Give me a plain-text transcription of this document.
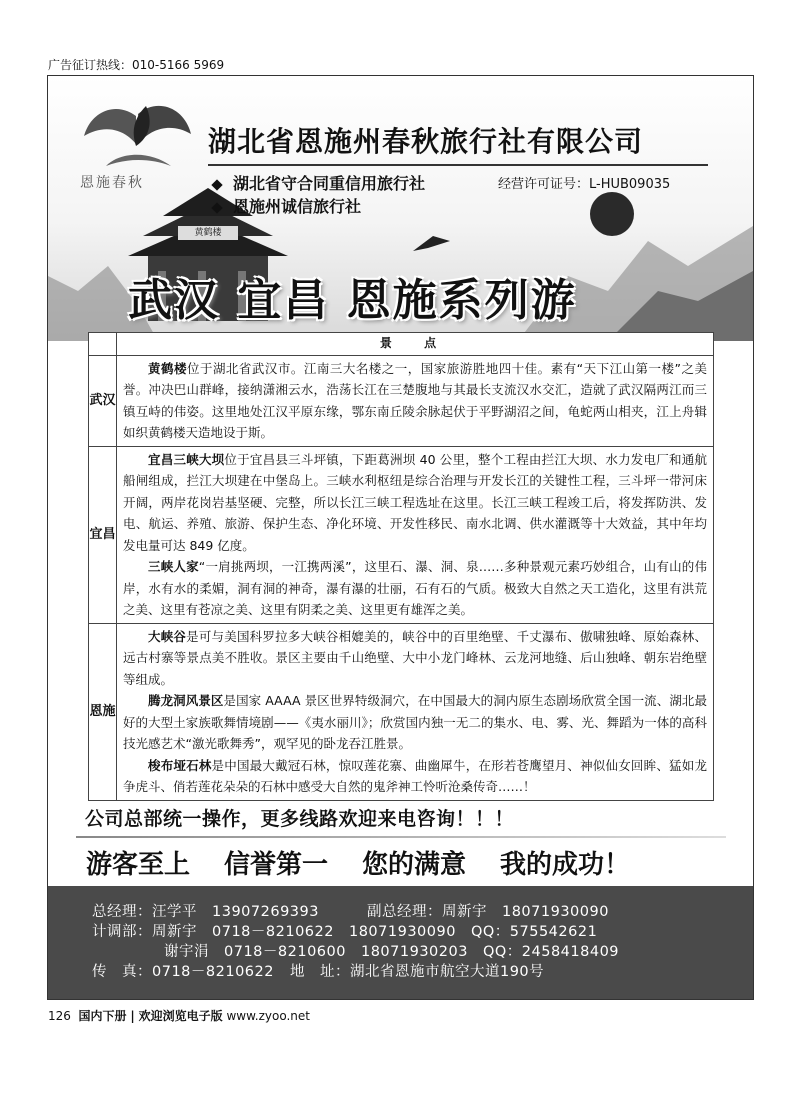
广告征订热线：010-5166 5969
黄鹤楼
恩施春秋
湖北省恩施州春秋旅行社有限公司
湖北省守合同重信用旅行社
恩施州诚信旅行社
经营许可证号：L-HUB09035
武汉 宜昌 恩施系列游
	景 点
武汉	黄鹤楼位于湖北省武汉市。江南三大名楼之一，国家旅游胜地四十佳。素有“天下江山第一楼”之美誉。冲决巴山群峰，接纳潇湘云水，浩荡长江在三楚腹地与其最长支流汉水交汇，造就了武汉隔两江而三镇互峙的伟姿。这里地处江汉平原东缘，鄂东南丘陵余脉起伏于平野湖沼之间，龟蛇两山相夹，江上舟辑如织黄鹤楼天造地设于斯。

宜昌	宜昌三峡大坝位于宜昌县三斗坪镇，下距葛洲坝 40 公里，整个工程由拦江大坝、水力发电厂和通航船闸组成，拦江大坝建在中堡岛上。三峡水利枢纽是综合治理与开发长江的关键性工程，三斗坪一带河床开阔，两岸花岗岩基坚硬、完整，所以长江三峡工程选址在这里。长江三峡工程竣工后，将发挥防洪、发电、航运、养殖、旅游、保护生态、净化环境、开发性移民、南水北调、供水灌溉等十大效益，其中年均发电量可达 849 亿度。

三峡人家“一肩挑两坝，一江携两溪”，这里石、瀑、洞、泉……多种景观元素巧妙组合，山有山的伟岸，水有水的柔媚，洞有洞的神奇，瀑有瀑的壮丽，石有石的气质。极致大自然之天工造化，这里有洪荒之美、这里有苍凉之美、这里有阴柔之美、这里更有雄浑之美。

恩施	大峡谷是可与美国科罗拉多大峡谷相媲美的，峡谷中的百里绝壁、千丈瀑布、傲啸独峰、原始森林、远古村寨等景点美不胜收。景区主要由千山绝壁、大中小龙门峰林、云龙河地缝、后山独峰、朝东岩绝壁等组成。

腾龙洞风景区是国家 AAAA 景区世界特级洞穴，在中国最大的洞内原生态剧场欣赏全国一流、湖北最好的大型土家族歌舞情境剧——《夷水丽川》；欣赏国内独一无二的集水、电、雾、光、舞蹈为一体的高科技光感艺术“激光歌舞秀”，观罕见的卧龙吞江胜景。

梭布垭石林是中国最大戴冠石林，惊叹莲花寨、曲幽犀牛，在形若苍鹰望月、神似仙女回眸、猛如龙争虎斗、俏若莲花朵朵的石林中感受大自然的鬼斧神工怜听沧桑传奇……！

公司总部统一操作，更多线路欢迎来电咨询！！！
游客至上 信誉第一 您的满意 我的成功！
总经理：汪学平　13907269393	副总经理：周新宇　18071930090
计调部：周新宇　0718－8210622　18071930090　QQ：575542621
谢宇涓　0718－8210600　18071930203　QQ：2458418409
传　真：0718－8210622 地　址：湖北省恩施市航空大道190号
126 国内下册 | 欢迎浏览电子版 www.zyoo.net
